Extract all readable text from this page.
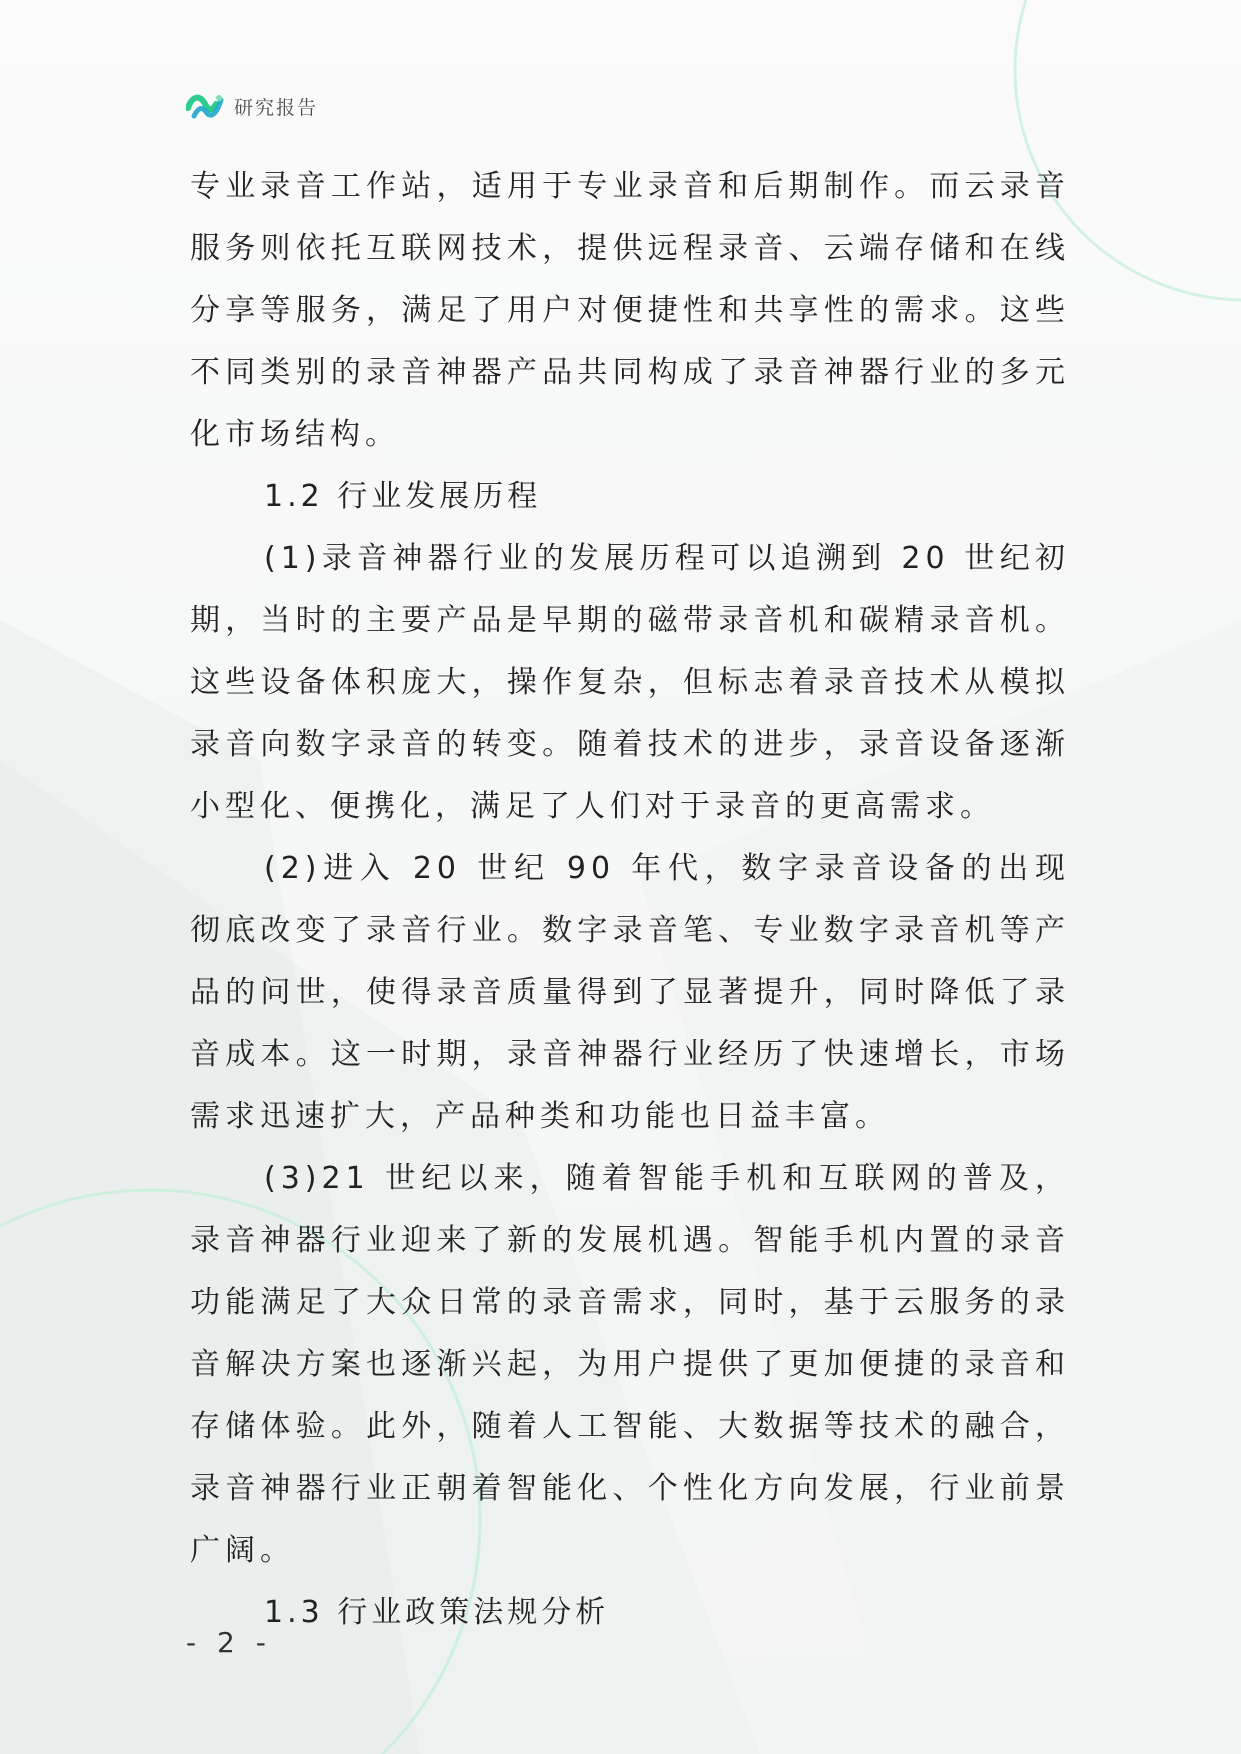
研究报告

专业录音工作站，适用于专业录音和后期制作。而云录音服务则依托互联网技术，提供远程录音、云端存储和在线分享等服务，满足了用户对便捷性和共享性的需求。这些不同类别的录音神器产品共同构成了录音神器行业的多元化市场结构。

1.2 行业发展历程

(1)录音神器行业的发展历程可以追溯到 20 世纪初期，当时的主要产品是早期的磁带录音机和碳精录音机。这些设备体积庞大，操作复杂，但标志着录音技术从模拟录音向数字录音的转变。随着技术的进步，录音设备逐渐小型化、便携化，满足了人们对于录音的更高需求。

(2)进入 20 世纪 90 年代，数字录音设备的出现彻底改变了录音行业。数字录音笔、专业数字录音机等产品的问世，使得录音质量得到了显著提升，同时降低了录音成本。这一时期，录音神器行业经历了快速增长，市场需求迅速扩大，产品种类和功能也日益丰富。

(3)21 世纪以来，随着智能手机和互联网的普及，录音神器行业迎来了新的发展机遇。智能手机内置的录音功能满足了大众日常的录音需求，同时，基于云服务的录音解决方案也逐渐兴起，为用户提供了更加便捷的录音和存储体验。此外，随着人工智能、大数据等技术的融合，录音神器行业正朝着智能化、个性化方向发展，行业前景广阔。

1.3 行业政策法规分析

- 2 -
